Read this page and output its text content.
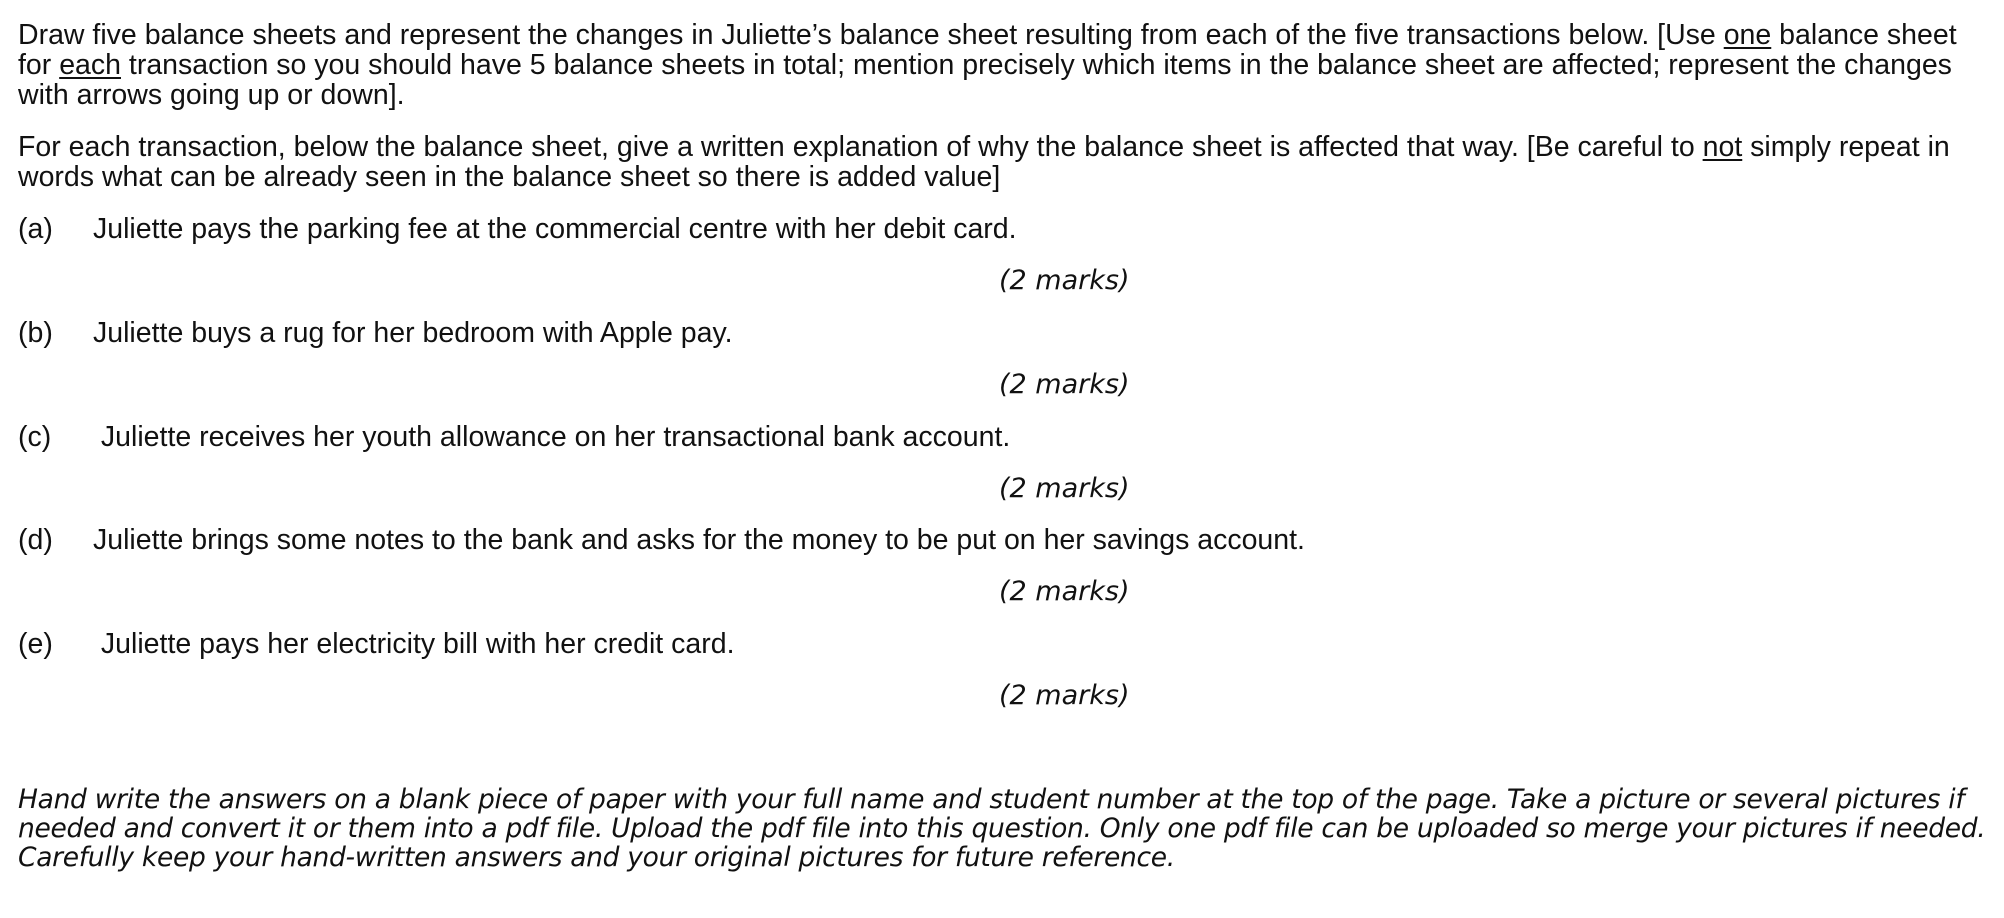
Draw five balance sheets and represent the changes in Juliette’s balance sheet resulting from each of the five transactions below. [Use one balance sheet for each transaction so you should have 5 balance sheets in total; mention precisely which items in the balance sheet are affected; represent the changes with arrows going up or down].

For each transaction, below the balance sheet, give a written explanation of why the balance sheet is affected that way. [Be careful to not simply repeat in words what can be already seen in the balance sheet so there is added value]

(a) Juliette pays the parking fee at the commercial centre with her debit card.
(2 marks)
(b) Juliette buys a rug for her bedroom with Apple pay.
(2 marks)
(c) Juliette receives her youth allowance on her transactional bank account.
(2 marks)
(d) Juliette brings some notes to the bank and asks for the money to be put on her savings account.
(2 marks)
(e) Juliette pays her electricity bill with her credit card.
(2 marks)

Hand write the answers on a blank piece of paper with your full name and student number at the top of the page. Take a picture or several pictures if needed and convert it or them into a pdf file. Upload the pdf file into this question. Only one pdf file can be uploaded so merge your pictures if needed. Carefully keep your hand-written answers and your original pictures for future reference.
